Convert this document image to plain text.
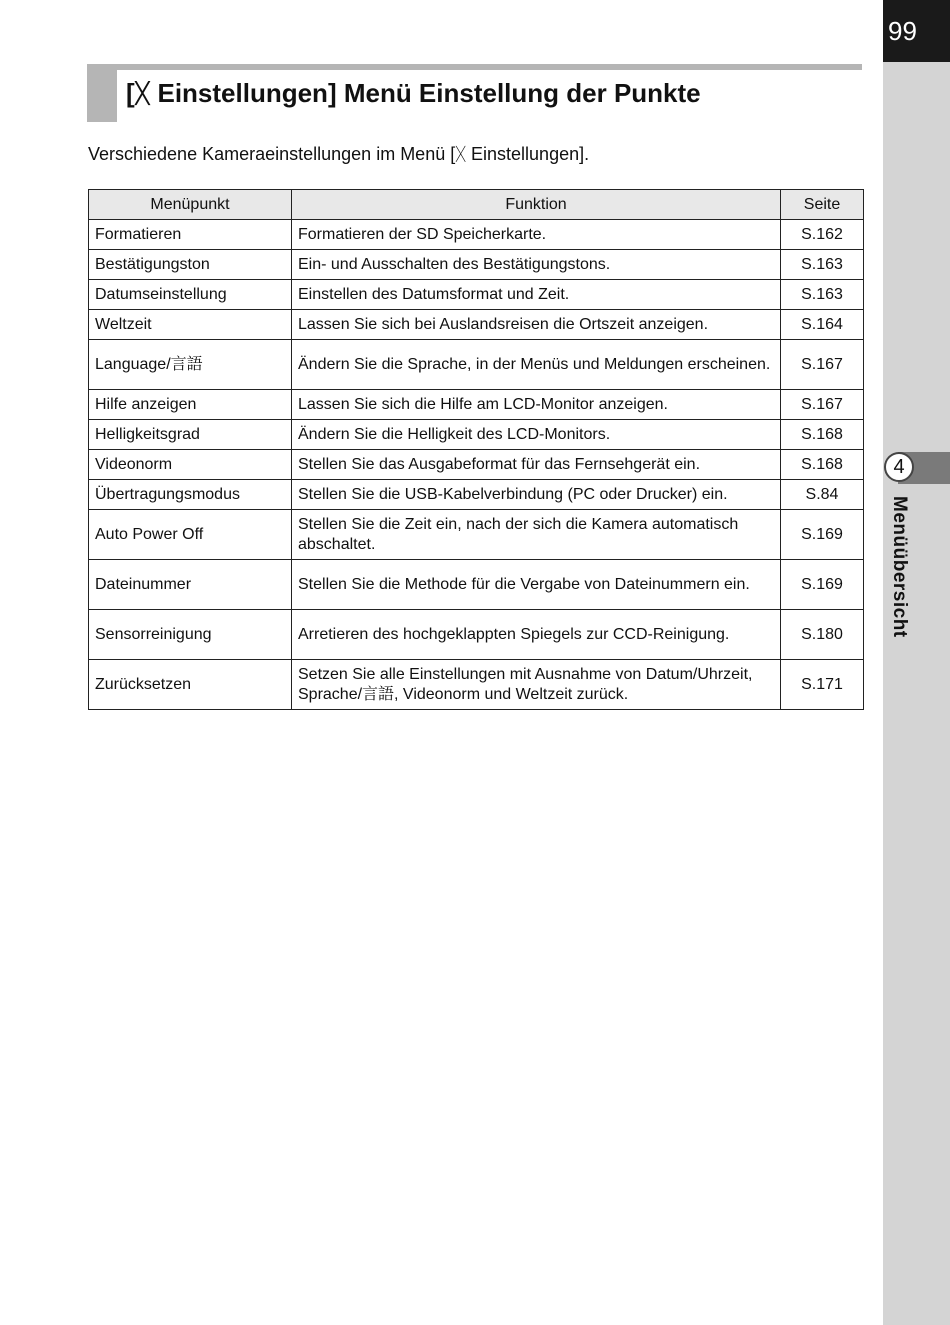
99
4
Menüübersicht
[ᚷ Einstellungen] Menü Einstellung der Punkte
Verschiedene Kameraeinstellungen im Menü [ᚷ Einstellungen].
Menüpunkt	Funktion	Seite
Formatieren	Formatieren der SD Speicherkarte.	S.162
Bestätigungston	Ein- und Ausschalten des Bestätigungstons.	S.163
Datumseinstellung	Einstellen des Datumsformat und Zeit.	S.163
Weltzeit	Lassen Sie sich bei Auslandsreisen die Ortszeit anzeigen.	S.164
Language/言語	Ändern Sie die Sprache, in der Menüs und Meldungen erscheinen.	S.167
Hilfe anzeigen	Lassen Sie sich die Hilfe am LCD-Monitor anzeigen.	S.167
Helligkeitsgrad	Ändern Sie die Helligkeit des LCD-Monitors.	S.168
Videonorm	Stellen Sie das Ausgabeformat für das Fernsehgerät ein.	S.168
Übertragungsmodus	Stellen Sie die USB-Kabelverbindung (PC oder Drucker) ein.	S.84
Auto Power Off	Stellen Sie die Zeit ein, nach der sich die Kamera automatisch abschaltet.	S.169
Dateinummer	Stellen Sie die Methode für die Vergabe von Dateinummern ein.	S.169
Sensorreinigung	Arretieren des hochgeklappten Spiegels zur CCD-Reinigung.	S.180
Zurücksetzen	Setzen Sie alle Einstellungen mit Ausnahme von Datum/Uhrzeit, Sprache/言語, Videonorm und Weltzeit zurück.	S.171
